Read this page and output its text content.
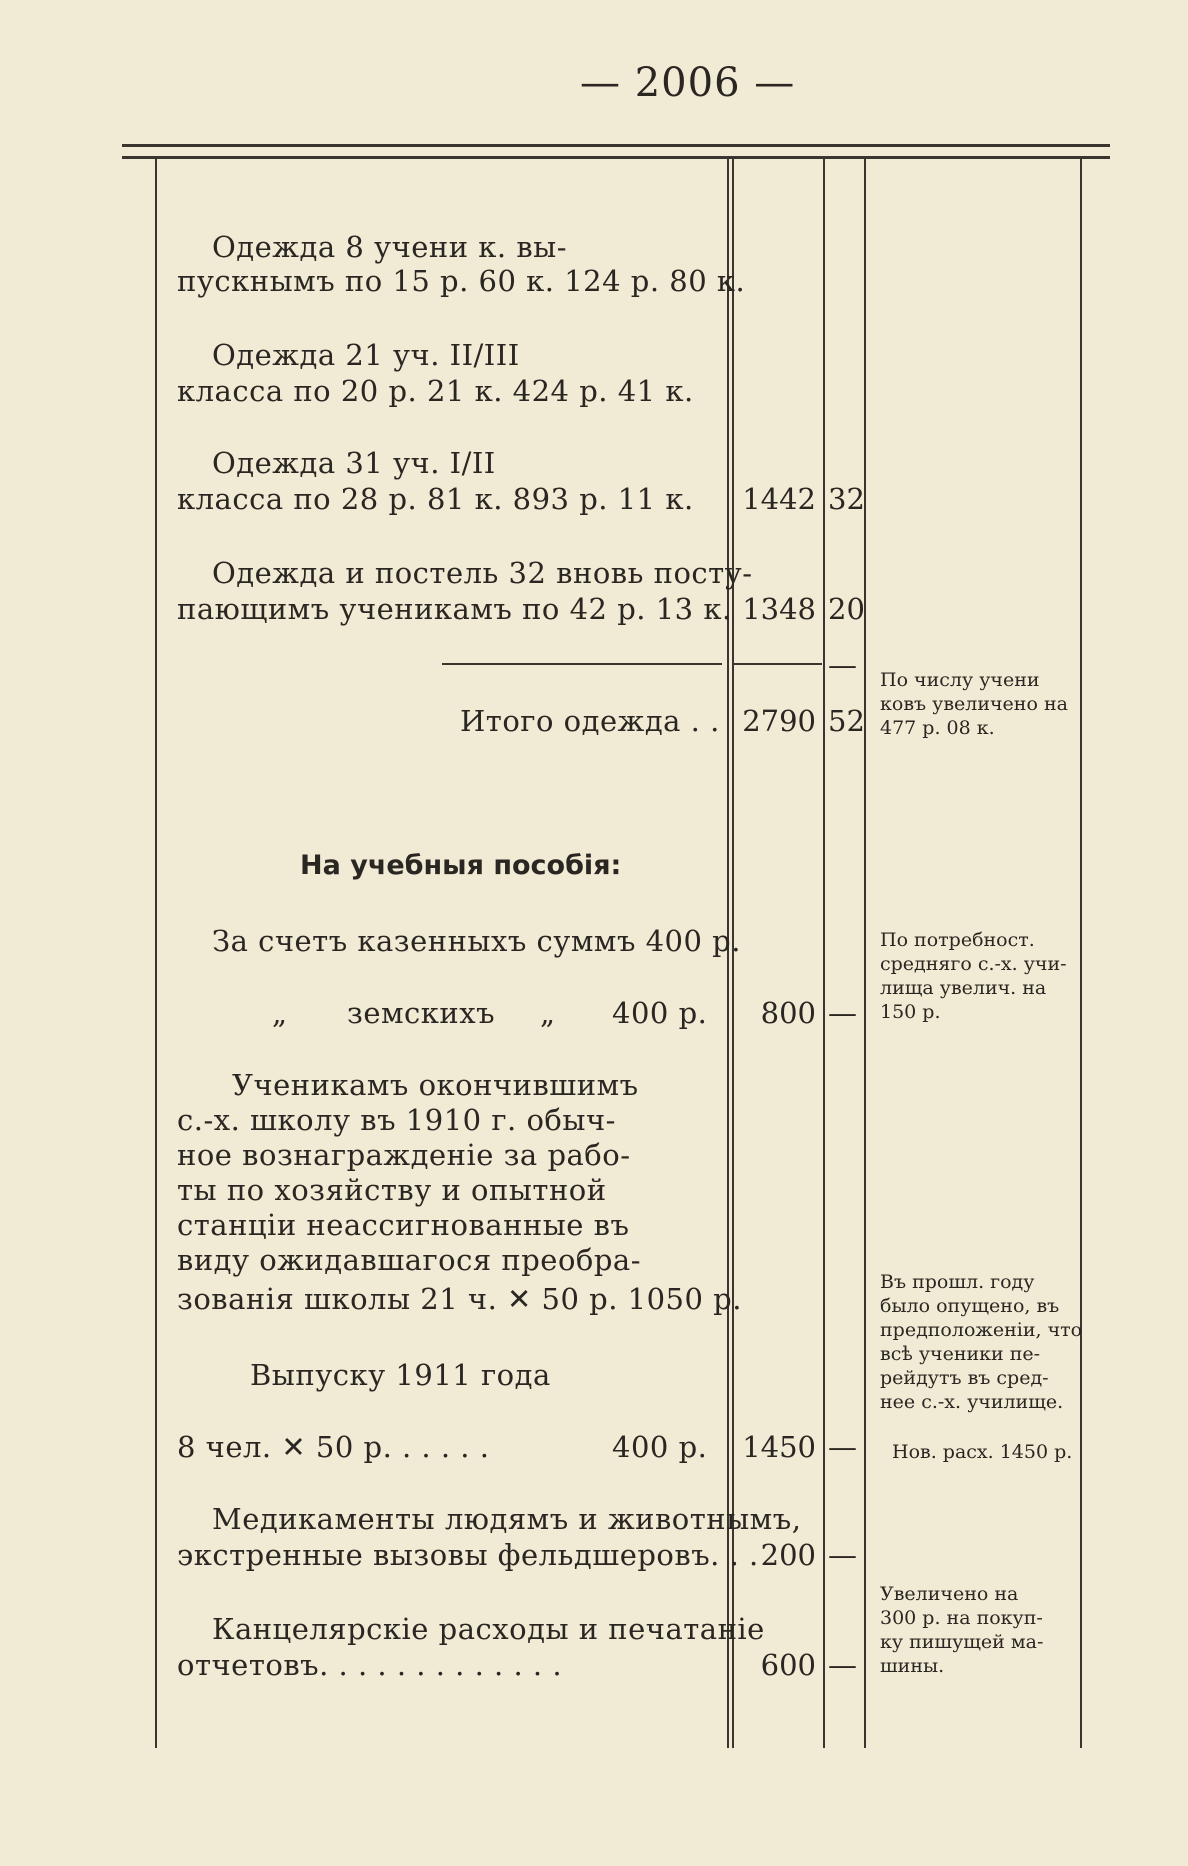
— 2006 —
Одежда 8 учени к. вы-
пускнымъ по 15 р. 60 к. 124 р. 80 к.
Одежда 21 уч. II/III
класса по 20 р. 21 к. 424 р. 41 к.
Одежда 31 уч. I/II
класса по 28 р. 81 к. 893 р. 11 к.
Одежда и постель 32 вновь посту-
пающимъ ученикамъ по 42 р. 13 к.
Итого одежда . .
На учебныя пособія:
За счетъ казенныхъ суммъ 400 р.
„ земскихъ „ 400 р.
Ученикамъ окончившимъ
с.-х. школу въ 1910 г. обыч-
ное вознагражденіе за рабо-
ты по хозяйству и опытной
станціи неассигнованные въ
виду ожидавшагося преобра-
зованія школы 21 ч. ✕ 50 р. 1050 р.
Выпуску 1911 года
8 чел. ✕ 50 р. . . . . .	400 р.
Медикаменты людямъ и животнымъ,
экстренные вызовы фельдшеровъ. . .
Канцелярскіе расходы и печатаніе
отчетовъ. . . . . . . . . . . . .
1442 32
1348 20
—
2790 52
800 —
1450 —
200 —
600 —
По числу учени
ковъ увеличено на
477 р. 08 к.
По потребност.
средняго с.-х. учи-
лища увелич. на
150 р.
Въ прошл. году
было опущено, въ
предположеніи, что
всѣ ученики пе-
рейдутъ въ сред-
нее с.-х. училище.
Нов. расх. 1450 р.
Увеличено на
300 р. на покуп-
ку пишущей ма-
шины.
